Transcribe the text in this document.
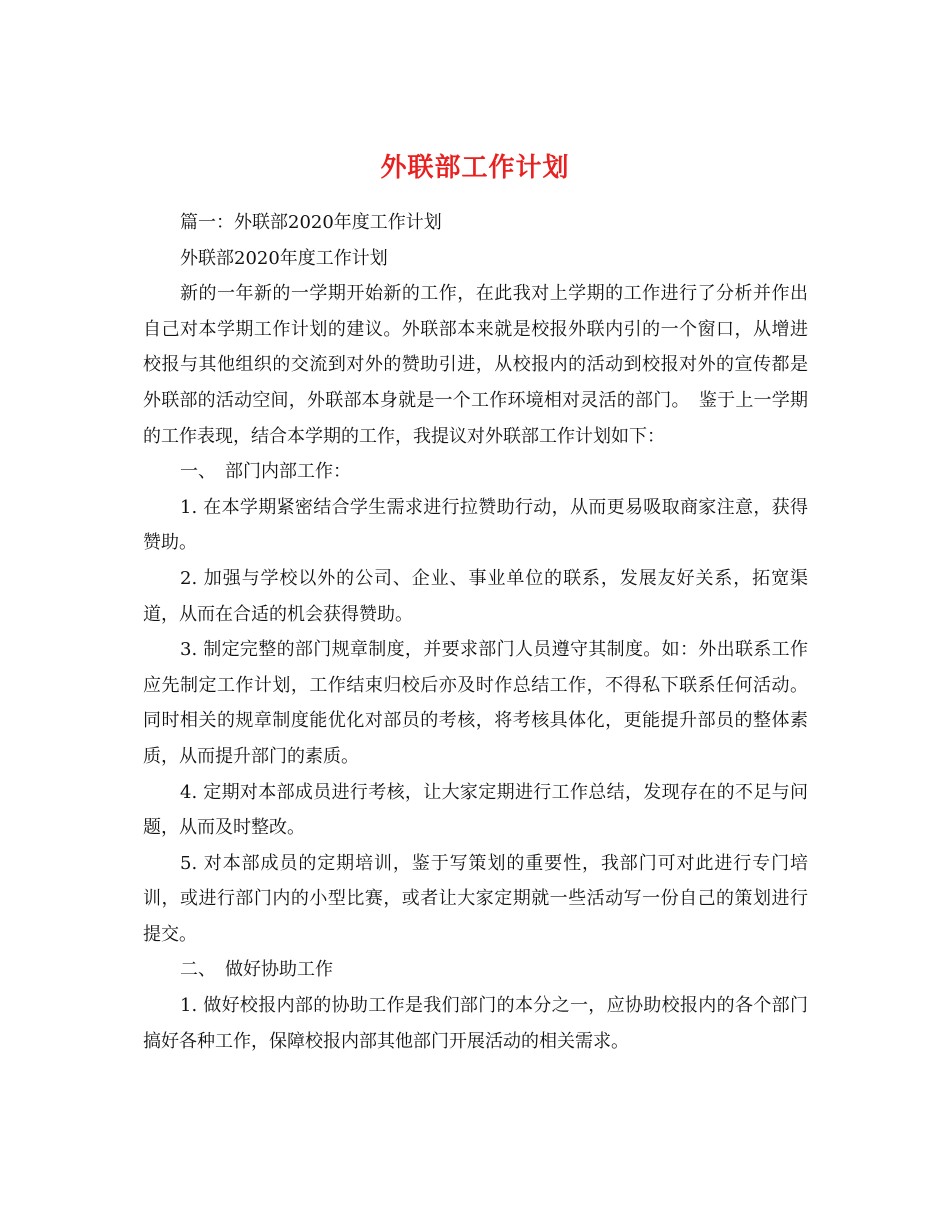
外联部工作计划

篇一：外联部2020年度工作计划

外联部2020年度工作计划

新的一年新的一学期开始新的工作，在此我对上学期的工作进行了分析并作出自己对本学期工作计划的建议。外联部本来就是校报外联内引的一个窗口，从增进校报与其他组织的交流到对外的赞助引进，从校报内的活动到校报对外的宣传都是外联部的活动空间，外联部本身就是一个工作环境相对灵活的部门。　鉴于上一学期的工作表现，结合本学期的工作，我提议对外联部工作计划如下：

一、　部门内部工作：

1. 在本学期紧密结合学生需求进行拉赞助行动，从而更易吸取商家注意，获得赞助。

2. 加强与学校以外的公司、企业、事业单位的联系，发展友好关系，拓宽渠道，从而在合适的机会获得赞助。

3. 制定完整的部门规章制度，并要求部门人员遵守其制度。如：外出联系工作应先制定工作计划，工作结束归校后亦及时作总结工作，不得私下联系任何活动。同时相关的规章制度能优化对部员的考核，将考核具体化，更能提升部员的整体素质，从而提升部门的素质。

4. 定期对本部成员进行考核，让大家定期进行工作总结，发现存在的不足与问题，从而及时整改。

5. 对本部成员的定期培训，鉴于写策划的重要性，我部门可对此进行专门培训，或进行部门内的小型比赛，或者让大家定期就一些活动写一份自己的策划进行提交。

二、　做好协助工作

1. 做好校报内部的协助工作是我们部门的本分之一，应协助校报内的各个部门搞好各种工作，保障校报内部其他部门开展活动的相关需求。
